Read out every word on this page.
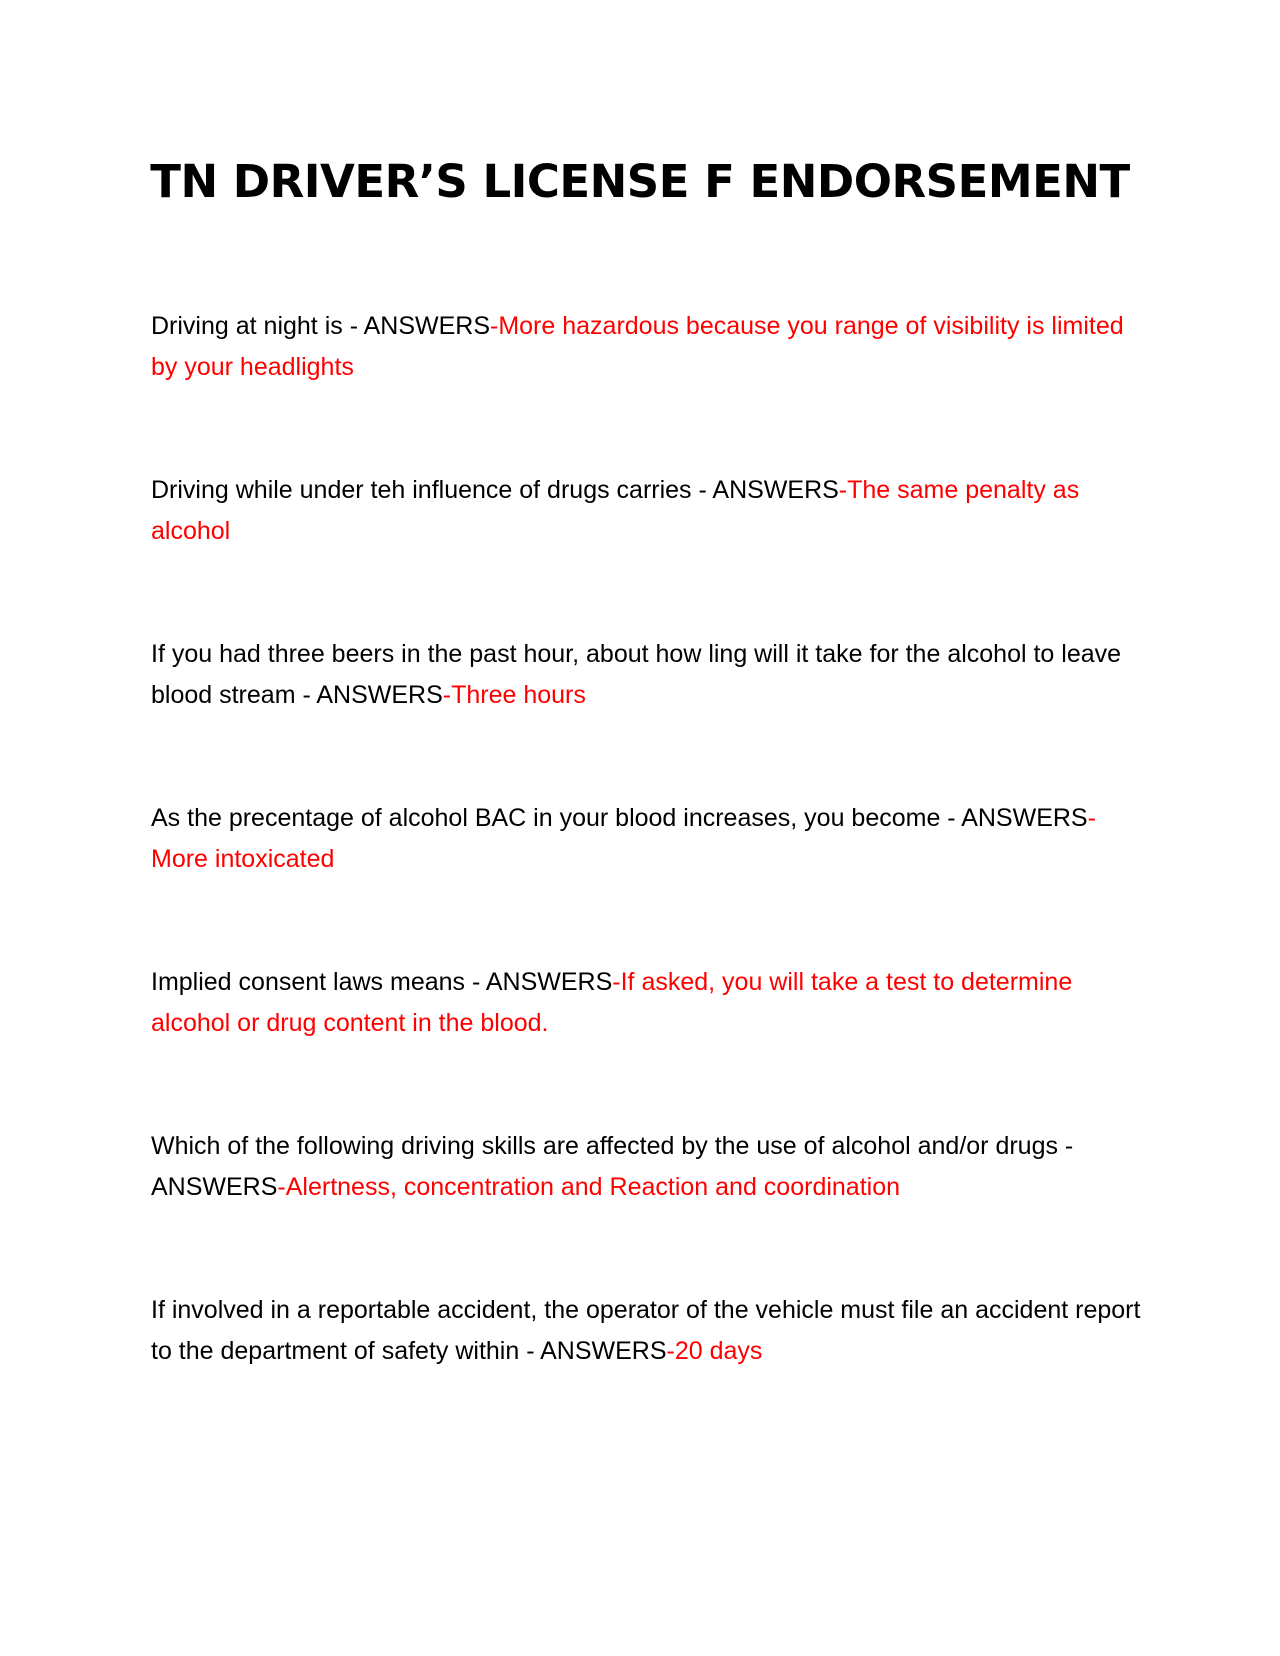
TN DRIVER’S LICENSE F ENDORSEMENT
Driving at night is - ANSWERS-More hazardous because you range of visibility is limited by your headlights
Driving while under teh influence of drugs carries - ANSWERS-The same penalty as alcohol
If you had three beers in the past hour, about how ling will it take for the alcohol to leave blood stream - ANSWERS-Three hours
As the precentage of alcohol BAC in your blood increases, you become - ANSWERS-More intoxicated
Implied consent laws means - ANSWERS-If asked, you will take a test to determine alcohol or drug content in the blood.
Which of the following driving skills are affected by the use of alcohol and/or drugs - ANSWERS-Alertness, concentration and Reaction and coordination
If involved in a reportable accident, the operator of the vehicle must file an accident report to the department of safety within - ANSWERS-20 days
